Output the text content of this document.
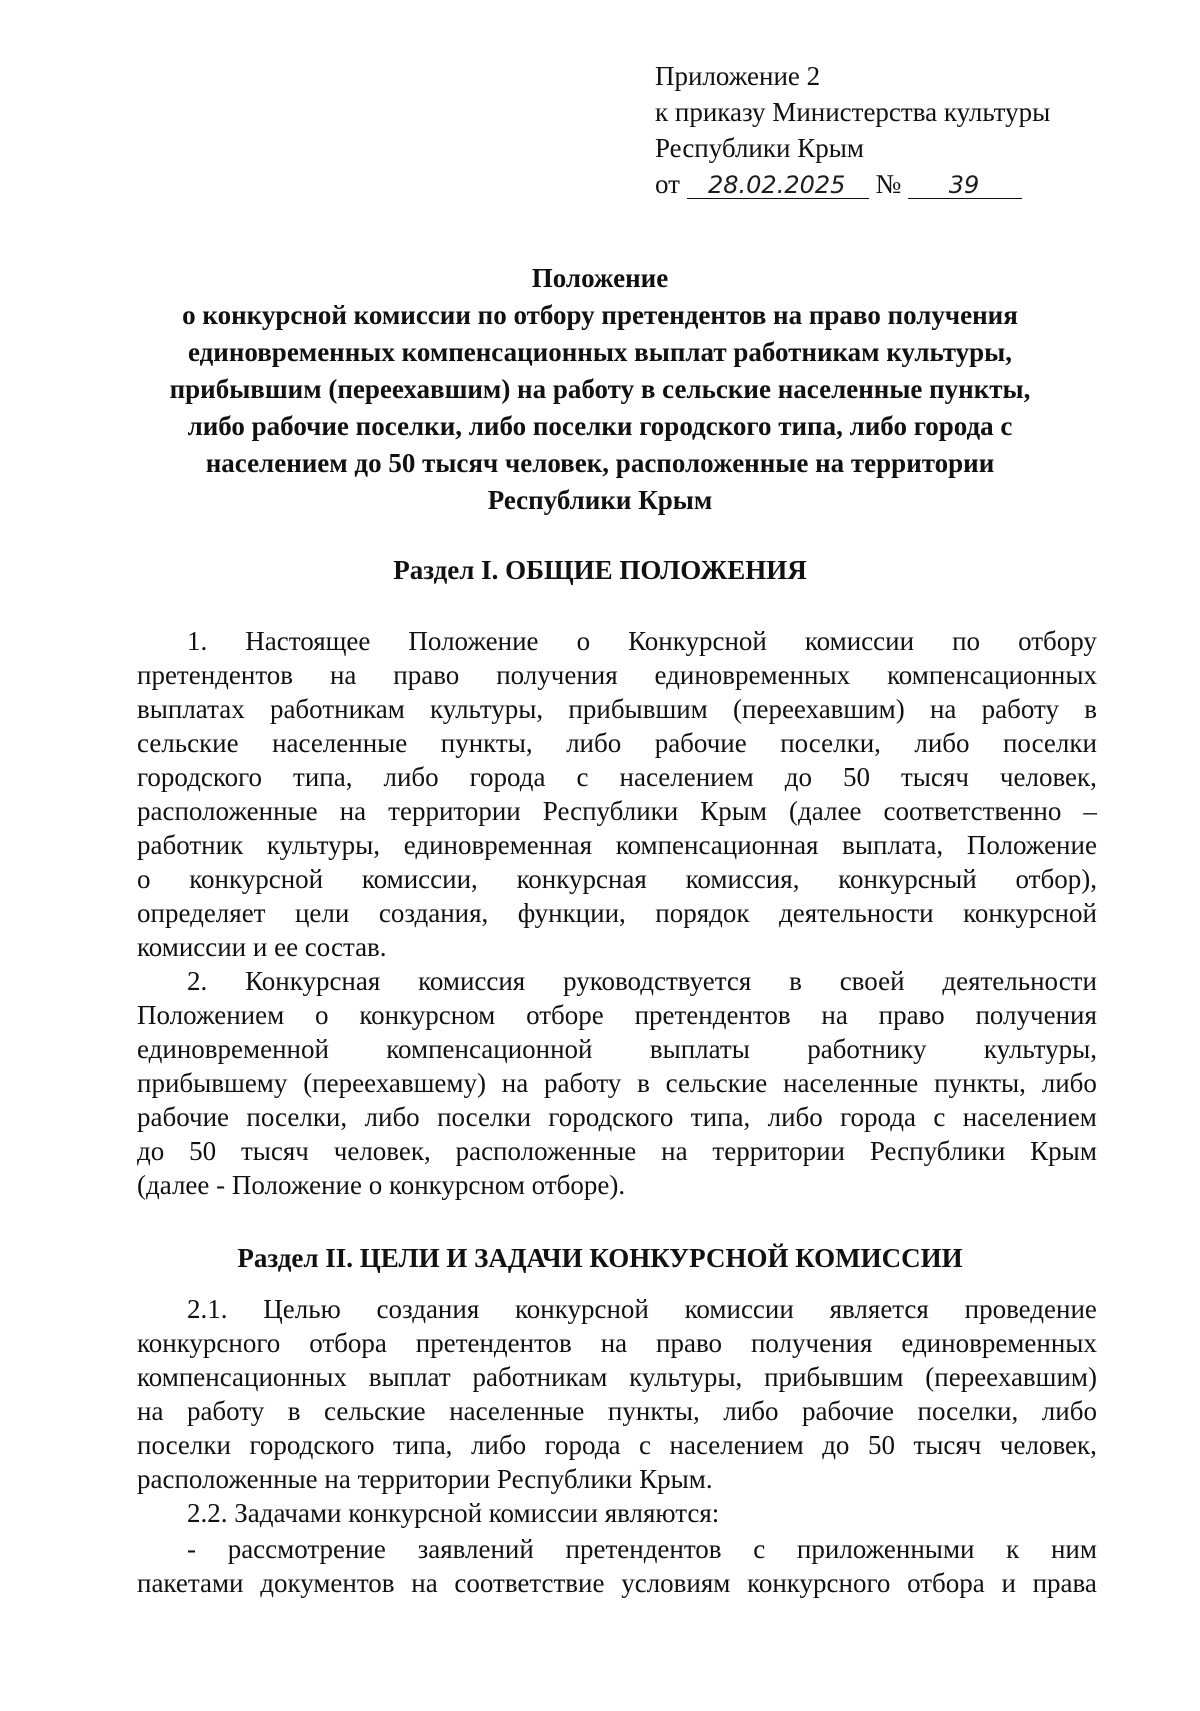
Приложение 2
к приказу Министерства культуры
Республики Крым
от 28.02.2025 № 39
Положение
о конкурсной комиссии по отбору претендентов на право получения
единовременных компенсационных выплат работникам культуры,
прибывшим (переехавшим) на работу в сельские населенные пункты,
либо рабочие поселки, либо поселки городского типа, либо города с
населением до 50 тысяч человек, расположенные на территории
Республики Крым
Раздел I. ОБЩИЕ ПОЛОЖЕНИЯ
1. Настоящее Положение о Конкурсной комиссии по отбору
претендентов на право получения единовременных компенсационных
выплатах работникам культуры, прибывшим (переехавшим) на работу в
сельские населенные пункты, либо рабочие поселки, либо поселки
городского типа, либо города с населением до 50 тысяч человек,
расположенные на территории Республики Крым (далее соответственно –
работник культуры, единовременная компенсационная выплата, Положение
о конкурсной комиссии, конкурсная комиссия, конкурсный отбор),
определяет цели создания, функции, порядок деятельности конкурсной
комиссии и ее состав.
2. Конкурсная комиссия руководствуется в своей деятельности
Положением о конкурсном отборе претендентов на право получения
единовременной компенсационной выплаты работнику культуры,
прибывшему (переехавшему) на работу в сельские населенные пункты, либо
рабочие поселки, либо поселки городского типа, либо города с населением
до 50 тысяч человек, расположенные на территории Республики Крым
(далее - Положение о конкурсном отборе).
Раздел II. ЦЕЛИ И ЗАДАЧИ КОНКУРСНОЙ КОМИССИИ
2.1. Целью создания конкурсной комиссии является проведение
конкурсного отбора претендентов на право получения единовременных
компенсационных выплат работникам культуры, прибывшим (переехавшим)
на работу в сельские населенные пункты, либо рабочие поселки, либо
поселки городского типа, либо города с населением до 50 тысяч человек,
расположенные на территории Республики Крым.
2.2. Задачами конкурсной комиссии являются:
- рассмотрение заявлений претендентов с приложенными к ним
пакетами документов на соответствие условиям конкурсного отбора и права
